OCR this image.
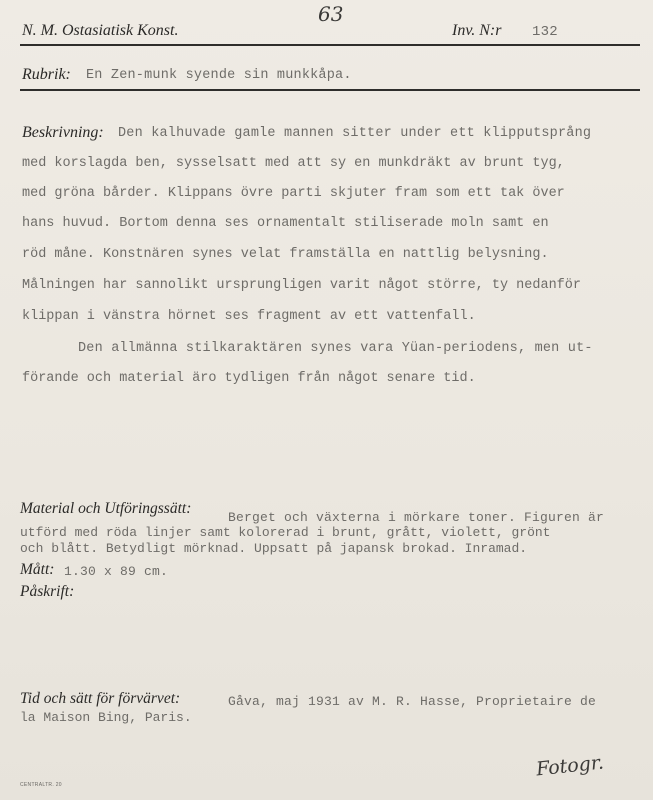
N. M. Ostasiatisk Konst.
63
Inv. N:r 132
Rubrik: En Zen-munk syende sin munkkåpa.
Beskrivning: Den kalhuvade gamle mannen sitter under ett klipputsprång
med korslagda ben, sysselsatt med att sy en munkdräkt av brunt tyg,
med gröna bårder. Klippans övre parti skjuter fram som ett tak över
hans huvud. Bortom denna ses ornamentalt stiliserade moln samt en
röd måne. Konstnären synes velat framställa en nattlig belysning.
Målningen har sannolikt ursprungligen varit något större, ty nedanför
klippan i vänstra hörnet ses fragment av ett vattenfall.
Den allmänna stilkaraktären synes vara Yüan-periodens, men ut-
förande och material äro tydligen från något senare tid.
Material och Utföringssätt:
Berget och växterna i mörkare toner. Figuren är
utförd med röda linjer samt kolorerad i brunt, grått, violett, grönt
och blått. Betydligt mörknad. Uppsatt på japansk brokad. Inramad.
Mått: 1.30 x 89 cm.
Påskrift:
Tid och sätt för förvärvet:	Gåva, maj 1931 av M. R. Hasse, Proprietaire de
la Maison Bing, Paris.
CENTRALTR. 20
Fotogr.
